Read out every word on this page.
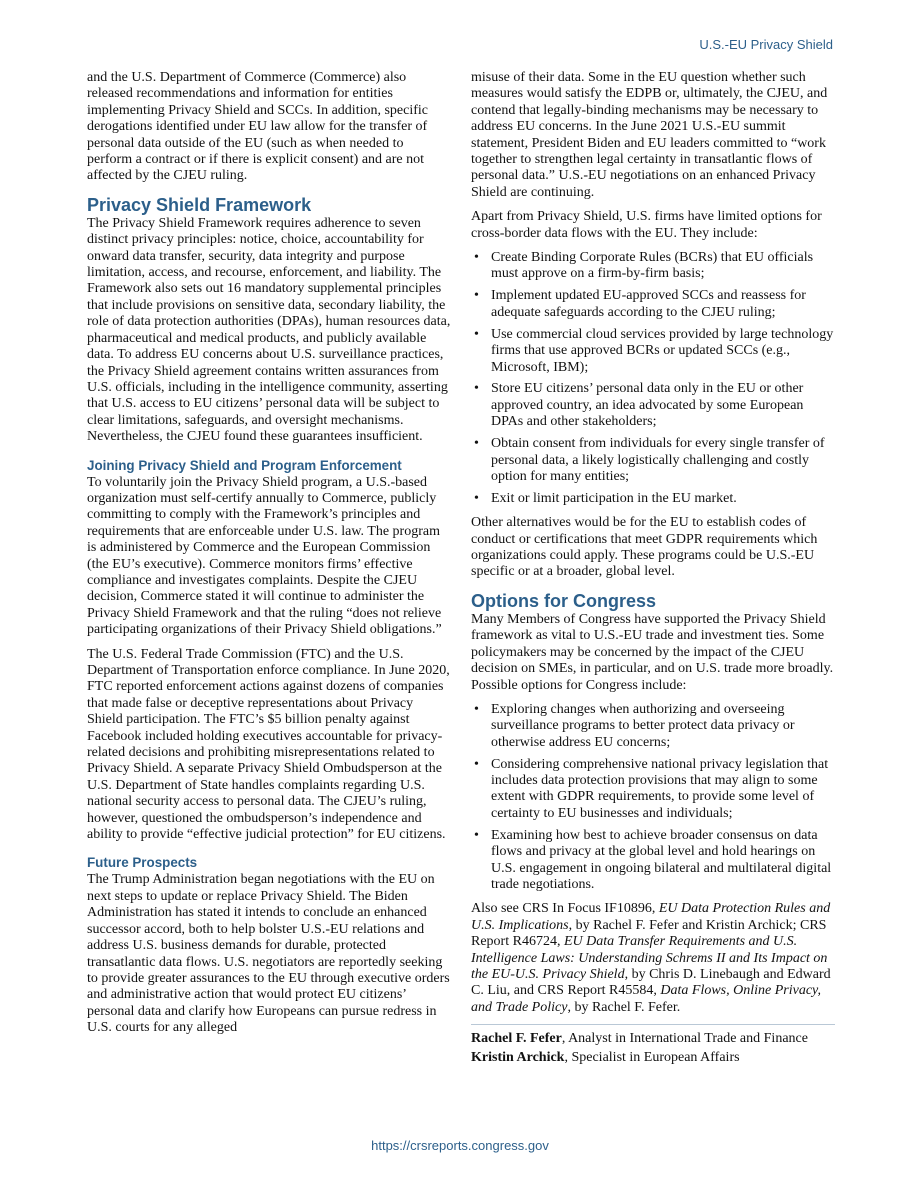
U.S.-EU Privacy Shield

and the U.S. Department of Commerce (Commerce) also released recommendations and information for entities implementing Privacy Shield and SCCs. In addition, specific derogations identified under EU law allow for the transfer of personal data outside of the EU (such as when needed to perform a contract or if there is explicit consent) and are not affected by the CJEU ruling.

Privacy Shield Framework

The Privacy Shield Framework requires adherence to seven distinct privacy principles: notice, choice, accountability for onward data transfer, security, data integrity and purpose limitation, access, and recourse, enforcement, and liability. The Framework also sets out 16 mandatory supplemental principles that include provisions on sensitive data, secondary liability, the role of data protection authorities (DPAs), human resources data, pharmaceutical and medical products, and publicly available data. To address EU concerns about U.S. surveillance practices, the Privacy Shield agreement contains written assurances from U.S. officials, including in the intelligence community, asserting that U.S. access to EU citizens’ personal data will be subject to clear limitations, safeguards, and oversight mechanisms. Nevertheless, the CJEU found these guarantees insufficient.

Joining Privacy Shield and Program Enforcement

To voluntarily join the Privacy Shield program, a U.S.-based organization must self-certify annually to Commerce, publicly committing to comply with the Framework’s principles and requirements that are enforceable under U.S. law. The program is administered by Commerce and the European Commission (the EU’s executive). Commerce monitors firms’ effective compliance and investigates complaints. Despite the CJEU decision, Commerce stated it will continue to administer the Privacy Shield Framework and that the ruling “does not relieve participating organizations of their Privacy Shield obligations.”

The U.S. Federal Trade Commission (FTC) and the U.S. Department of Transportation enforce compliance. In June 2020, FTC reported enforcement actions against dozens of companies that made false or deceptive representations about Privacy Shield participation. The FTC’s $5 billion penalty against Facebook included holding executives accountable for privacy-related decisions and prohibiting misrepresentations related to Privacy Shield. A separate Privacy Shield Ombudsperson at the U.S. Department of State handles complaints regarding U.S. national security access to personal data. The CJEU’s ruling, however, questioned the ombudsperson’s independence and ability to provide “effective judicial protection” for EU citizens.

Future Prospects

The Trump Administration began negotiations with the EU on next steps to update or replace Privacy Shield. The Biden Administration has stated it intends to conclude an enhanced successor accord, both to help bolster U.S.-EU relations and address U.S. business demands for durable, protected transatlantic data flows. U.S. negotiators are reportedly seeking to provide greater assurances to the EU through executive orders and administrative action that would protect EU citizens’ personal data and clarify how Europeans can pursue redress in U.S. courts for any alleged

misuse of their data. Some in the EU question whether such measures would satisfy the EDPB or, ultimately, the CJEU, and contend that legally-binding mechanisms may be necessary to address EU concerns. In the June 2021 U.S.-EU summit statement, President Biden and EU leaders committed to “work together to strengthen legal certainty in transatlantic flows of personal data.” U.S.-EU negotiations on an enhanced Privacy Shield are continuing.

Apart from Privacy Shield, U.S. firms have limited options for cross-border data flows with the EU. They include:

• Create Binding Corporate Rules (BCRs) that EU officials must approve on a firm-by-firm basis;
• Implement updated EU-approved SCCs and reassess for adequate safeguards according to the CJEU ruling;
• Use commercial cloud services provided by large technology firms that use approved BCRs or updated SCCs (e.g., Microsoft, IBM);
• Store EU citizens’ personal data only in the EU or other approved country, an idea advocated by some European DPAs and other stakeholders;
• Obtain consent from individuals for every single transfer of personal data, a likely logistically challenging and costly option for many entities;
• Exit or limit participation in the EU market.

Other alternatives would be for the EU to establish codes of conduct or certifications that meet GDPR requirements which organizations could apply. These programs could be U.S.-EU specific or at a broader, global level.

Options for Congress

Many Members of Congress have supported the Privacy Shield framework as vital to U.S.-EU trade and investment ties. Some policymakers may be concerned by the impact of the CJEU decision on SMEs, in particular, and on U.S. trade more broadly. Possible options for Congress include:

• Exploring changes when authorizing and overseeing surveillance programs to better protect data privacy or otherwise address EU concerns;
• Considering comprehensive national privacy legislation that includes data protection provisions that may align to some extent with GDPR requirements, to provide some level of certainty to EU businesses and individuals;
• Examining how best to achieve broader consensus on data flows and privacy at the global level and hold hearings on U.S. engagement in ongoing bilateral and multilateral digital trade negotiations.

Also see CRS In Focus IF10896, EU Data Protection Rules and U.S. Implications, by Rachel F. Fefer and Kristin Archick; CRS Report R46724, EU Data Transfer Requirements and U.S. Intelligence Laws: Understanding Schrems II and Its Impact on the EU-U.S. Privacy Shield, by Chris D. Linebaugh and Edward C. Liu, and CRS Report R45584, Data Flows, Online Privacy, and Trade Policy, by Rachel F. Fefer.

Rachel F. Fefer, Analyst in International Trade and Finance

Kristin Archick, Specialist in European Affairs

https://crsreports.congress.gov
